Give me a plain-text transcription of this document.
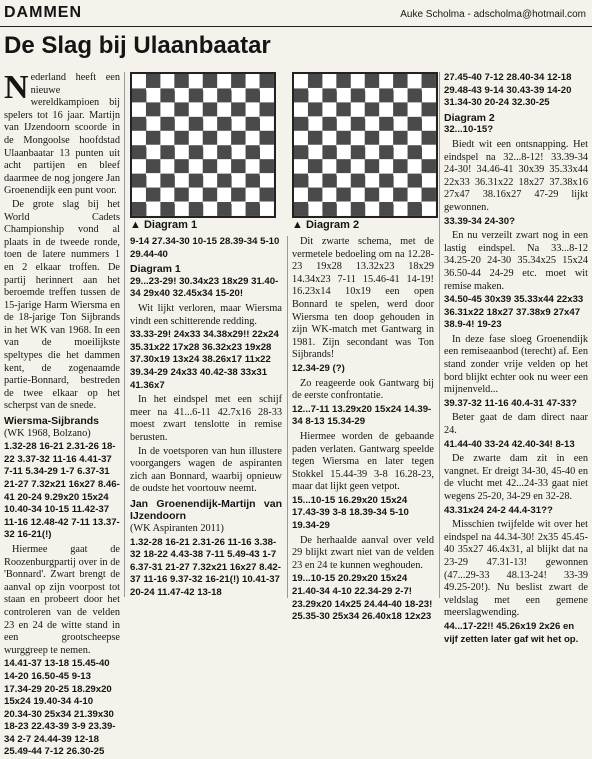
DAMMEN	Auke Scholma - adscholma@hotmail.com
De Slag bij Ulaanbaatar

Nederland heeft een nieuwe wereldkampioen bij spelers tot 16 jaar. Martijn van IJzendoorn scoorde in de Mongoolse hoofdstad Ulaanbaatar 13 punten uit acht partijen en bleef daarmee de nog jongere Jan Groenendijk een punt voor.

De grote slag bij het World Cadets Championship vond al plaats in de tweede ronde, toen de latere nummers 1 en 2 elkaar troffen. De partij herinnert aan het beroemde treffen tussen de 15-jarige Harm Wiersma en de 18-jarige Ton Sijbrands in het WK van 1968. In een van de moeilijkste speltypes die het dammen kent, de zogenaamde partie-Bonnard, bestreden de twee elkaar op het scherpst van de snede.

Wiersma-Sijbrands
(WK 1968, Bolzano)
1.32-28 16-21 2.31-26 18-22 3.37-32 11-16 4.41-37 7-11 5.34-29 1-7 6.37-31 21-27 7.32x21 16x27 8.46-41 20-24 9.29x20 15x24 10.40-34 10-15 11.42-37 11-16 12.48-42 7-11 13.37-32 16-21(!)

Hiermee gaat de Roozenburgpartij over in de 'Bonnard'. Zwart brengt de aanval op zijn voorpost tot staan en probeert door het controleren van de velden 23 en 24 de witte stand in een grootscheepse wurggreep te nemen.

14.41-37 13-18 15.45-40 14-20 16.50-45 9-13 17.34-29 20-25 18.29x20 15x24 19.40-34 4-10 20.34-30 25x34 21.39x30 18-23 22.43-39 3-9 23.39-34 2-7 24.44-39 12-18 25.49-44 7-12 26.30-25
▲ Diagram 1	▲ Diagram 2
9-14 27.34-30 10-15 28.39-34 5-10 29.44-40
Diagram 1
29...23-29! 30.34x23 18x29 31.40-34 29x40 32.45x34 15-20!

Wit lijkt verloren, maar Wiersma vindt een schitterende redding.

33.33-29! 24x33 34.38x29!! 22x24 35.31x22 17x28 36.32x23 19x28 37.30x19 13x24 38.26x17 11x22 39.34-29 24x33 40.42-38 33x31 41.36x7

In het eindspel met een schijf meer na 41...6-11 42.7x16 28-33 moest zwart tenslotte in remise berusten.

In de voetsporen van hun illustere voorgangers wagen de aspiranten zich aan Bonnard, waarbij opnieuw de oudste het voortouw neemt.

Jan Groenendijk-Martijn van IJzendoorn
(WK Aspiranten 2011)
1.32-28 16-21 2.31-26 11-16 3.38-32 18-22 4.43-38 7-11 5.49-43 1-7 6.37-31 21-27 7.32x21 16x27 8.42-37 11-16 9.37-32 16-21(!) 10.41-37 20-24 11.47-42 13-18

Dit zwarte schema, met de vermetele bedoeling om na 12.28-23 19x28 13.32x23 18x29 14.34x23 7-11 15.46-41 14-19! 16.23x14 10x19 een open Bonnard te spelen, werd door Wiersma ten doop gehouden in zijn WK-match met Gantwarg in 1981. Zijn secondant was Ton Sijbrands!

12.34-29 (?)

Zo reageerde ook Gantwarg bij de eerste confrontatie.

12...7-11 13.29x20 15x24 14.39-34 8-13 15.34-29

Hiermee worden de gebaande paden verlaten. Gantwarg speelde tegen Wiersma en later tegen Stokkel 15.44-39 3-8 16.28-23, maar dat lijkt geen vetpot.

15...10-15 16.29x20 15x24 17.43-39 3-8 18.39-34 5-10 19.34-29

De herhaalde aanval over veld 29 blijkt zwart niet van de velden 23 en 24 te kunnen weghouden.

19...10-15 20.29x20 15x24 21.40-34 4-10 22.34-29 2-7! 23.29x20 14x25 24.44-40 18-23! 25.35-30 25x34 26.40x18 12x23
27.45-40 7-12 28.40-34 12-18 29.48-43 9-14 30.43-39 14-20 31.34-30 20-24 32.30-25
Diagram 2
32...10-15?

Biedt wit een ontsnapping. Het eindspel na 32...8-12! 33.39-34 24-30! 34.46-41 30x39 35.33x44 22x33 36.31x22 18x27 37.38x16 27x47 38.16x27 47-29 lijkt gewonnen.

33.39-34 24-30?

En nu verzeilt zwart nog in een lastig eindspel. Na 33...8-12 34.25-20 24-30 35.34x25 15x24 36.50-44 24-29 etc. moet wit remise maken.

34.50-45 30x39 35.33x44 22x33 36.31x22 18x27 37.38x9 27x47 38.9-4! 19-23

In deze fase sloeg Groenendijk een remiseaanbod (terecht) af. Een stand zonder vrije velden op het bord blijkt echter ook nu weer een mijnenveld...

39.37-32 11-16 40.4-31 47-33?

Beter gaat de dam direct naar 24.

41.44-40 33-24 42.40-34! 8-13

De zwarte dam zit in een vangnet. Er dreigt 34-30, 45-40 en de vlucht met 42...24-33 gaat niet wegens 25-20, 34-29 en 32-28.

43.31x24 24-2 44.4-31??

Misschien twijfelde wit over het eindspel na 44.34-30! 2x35 45.45-40 35x27 46.4x31, al blijkt dat na 23-29 47.31-13! gewonnen (47...29-33 48.13-24! 33-39 49.25-20!). Nu beslist zwart de veldslag met een gemene meerslagwending.

44...17-22!! 45.26x19 2x26 en vijf zetten later gaf wit het op.
